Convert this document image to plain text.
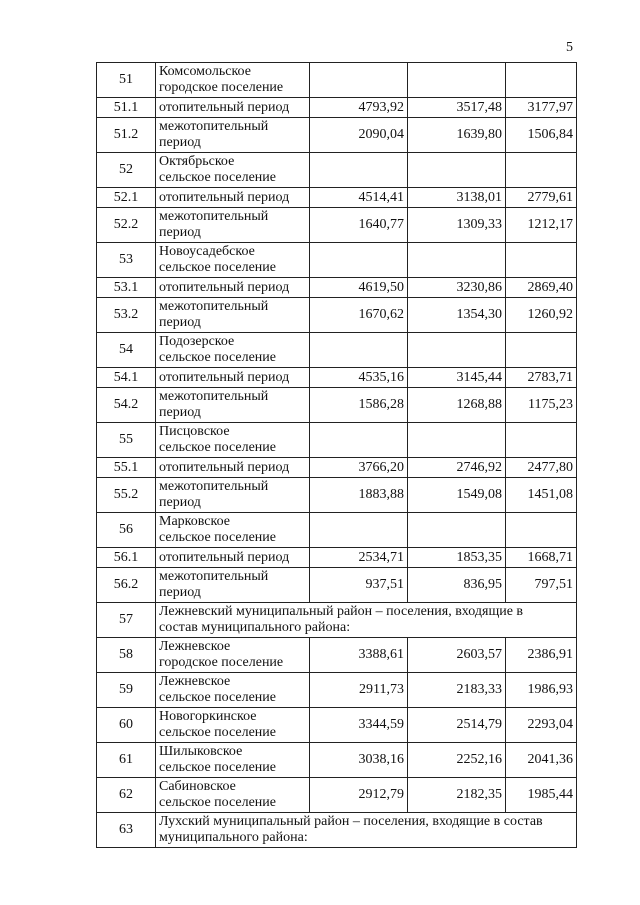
5
51	Комсомольское
городское поселение			

51.1	отопительный период	4793,92	3517,48	3177,97
51.2	межотопительный
период	2090,04	1639,80	1506,84
52	Октябрьское
сельское поселение			

52.1	отопительный период	4514,41	3138,01	2779,61
52.2	межотопительный
период	1640,77	1309,33	1212,17
53	Новоусадебское
сельское поселение			

53.1	отопительный период	4619,50	3230,86	2869,40
53.2	межотопительный
период	1670,62	1354,30	1260,92
54	Подозерское
сельское поселение			

54.1	отопительный период	4535,16	3145,44	2783,71
54.2	межотопительный
период	1586,28	1268,88	1175,23
55	Писцовское
сельское поселение			

55.1	отопительный период	3766,20	2746,92	2477,80
55.2	межотопительный
период	1883,88	1549,08	1451,08
56	Марковское
сельское поселение			

56.1	отопительный период	2534,71	1853,35	1668,71
56.2	межотопительный
период	937,51	836,95	797,51
57	Лежневский муниципальный район – поселения, входящие в
состав муниципального района:			

58	Лежневское
городское поселение	3388,61	2603,57	2386,91
59	Лежневское
сельское поселение	2911,73	2183,33	1986,93
60	Новогоркинское
сельское поселение	3344,59	2514,79	2293,04
61	Шилыковское
сельское поселение	3038,16	2252,16	2041,36
62	Сабиновское
сельское поселение	2912,79	2182,35	1985,44
63	Лухский муниципальный район – поселения, входящие в состав
муниципального района:			
